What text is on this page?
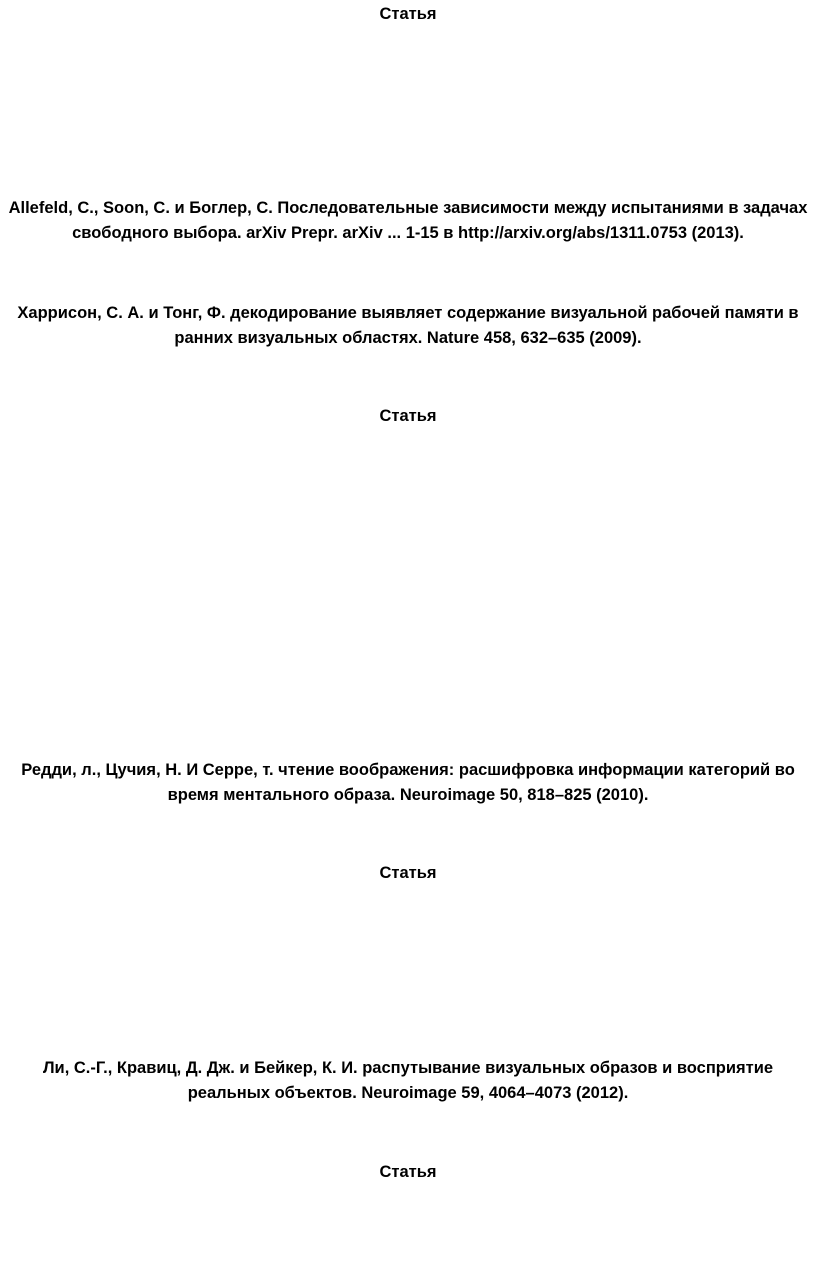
Статья
Allefeld, C., Soon, C. и Боглер, C. Последовательные зависимости между испытаниями в задачах
свободного выбора. arXiv Prepr. arXiv ... 1-15 в http://arxiv.org/abs/1311.0753 (2013).
Харрисон, С. А. и Тонг, Ф. декодирование выявляет содержание визуальной рабочей памяти в
ранних визуальных областях. Nature 458, 632–635 (2009).
Статья
Редди, л., Цучия, Н. И Серре, т. чтение воображения: расшифровка информации категорий во
время ментального образа. Neuroimage 50, 818–825 (2010).
Статья
Ли, С.-Г., Кравиц, Д. Дж. и Бейкер, К. И. распутывание визуальных образов и восприятие
реальных объектов. Neuroimage 59, 4064–4073 (2012).
Статья
